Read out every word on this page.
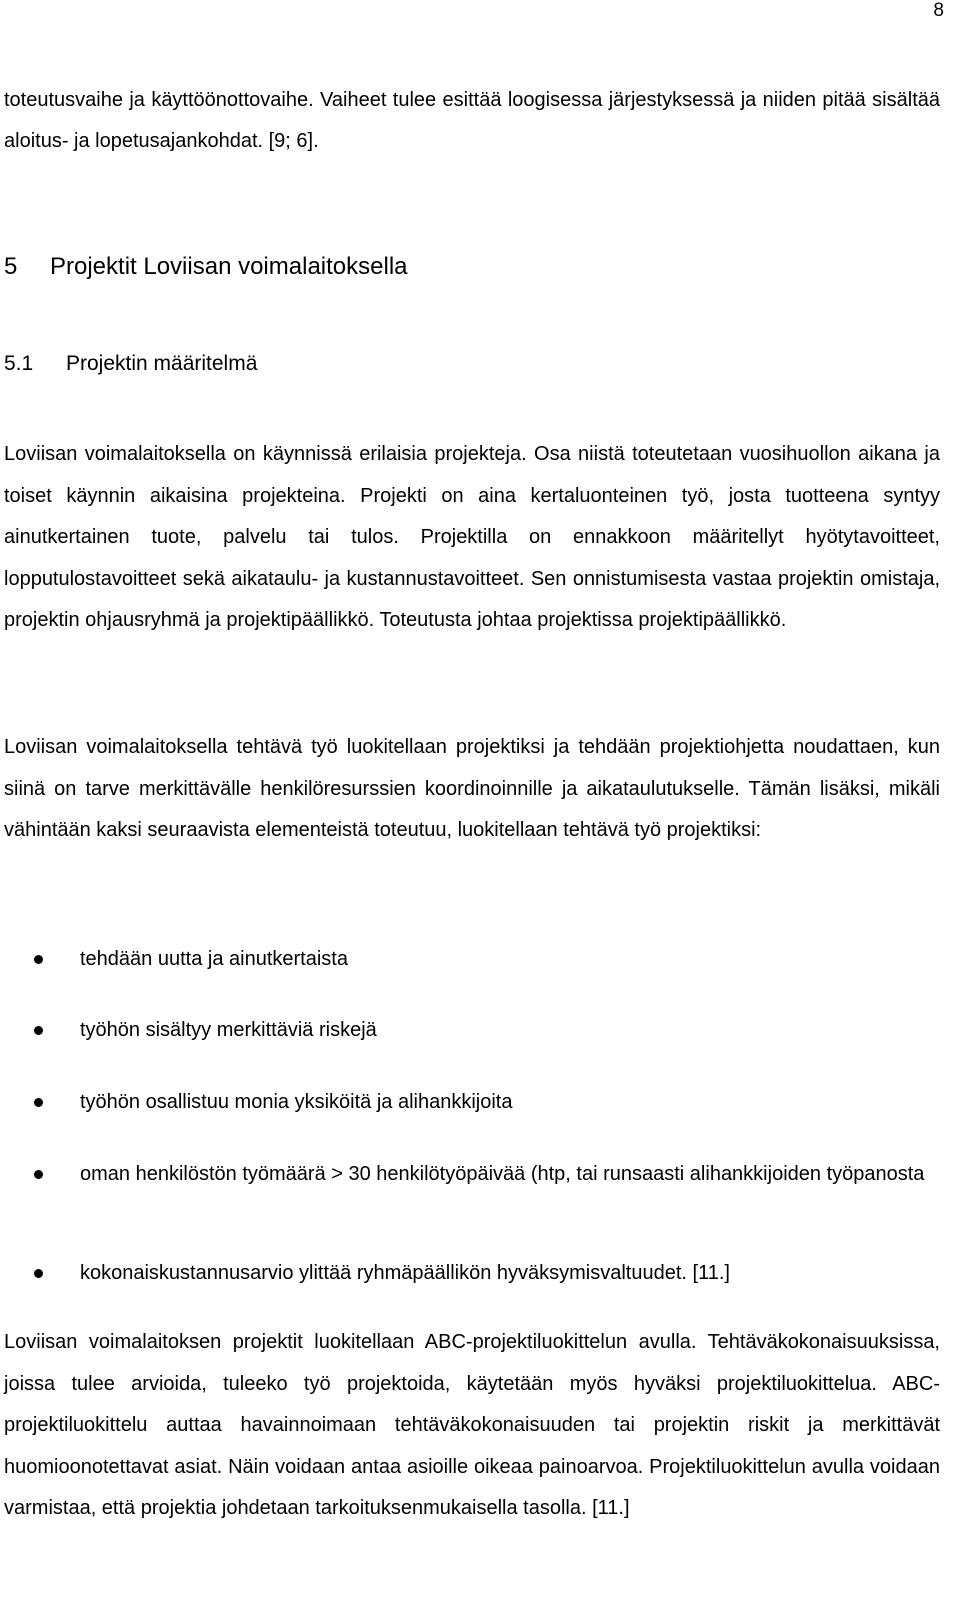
8

toteutusvaihe ja käyttöönottovaihe. Vaiheet tulee esittää loogisessa järjestyksessä ja niiden pitää sisältää aloitus- ja lopetusajankohdat. [9; 6].

5 Projektit Loviisan voimalaitoksella

5.1 Projektin määritelmä

Loviisan voimalaitoksella on käynnissä erilaisia projekteja. Osa niistä toteutetaan vuosihuollon aikana ja toiset käynnin aikaisina projekteina. Projekti on aina kertaluonteinen työ, josta tuotteena syntyy ainutkertainen tuote, palvelu tai tulos. Projektilla on ennakkoon määritellyt hyötytavoitteet, lopputulostavoitteet sekä aikataulu- ja kustannustavoitteet. Sen onnistumisesta vastaa projektin omistaja, projektin ohjausryhmä ja projektipäällikkö. Toteutusta johtaa projektissa projektipäällikkö.

Loviisan voimalaitoksella tehtävä työ luokitellaan projektiksi ja tehdään projektiohjetta noudattaen, kun siinä on tarve merkittävälle henkilöresurssien koordinoinnille ja aikataulutukselle. Tämän lisäksi, mikäli vähintään kaksi seuraavista elementeistä toteutuu, luokitellaan tehtävä työ projektiksi:

tehdään uutta ja ainutkertaista
työhön sisältyy merkittäviä riskejä
työhön osallistuu monia yksiköitä ja alihankkijoita
oman henkilöstön työmäärä > 30 henkilötyöpäivää (htp, tai runsaasti alihankkijoiden työpanosta
kokonaiskustannusarvio ylittää ryhmäpäällikön hyväksymisvaltuudet. [11.]

Loviisan voimalaitoksen projektit luokitellaan ABC-projektiluokittelun avulla. Tehtäväkokonaisuuksissa, joissa tulee arvioida, tuleeko työ projektoida, käytetään myös hyväksi projektiluokittelua. ABC-projektiluokittelu auttaa havainnoimaan tehtäväkokonaisuuden tai projektin riskit ja merkittävät huomioonotettavat asiat. Näin voidaan antaa asioille oikeaa painoarvoa. Projektiluokittelun avulla voidaan varmistaa, että projektia johdetaan tarkoituksenmukaisella tasolla. [11.]
